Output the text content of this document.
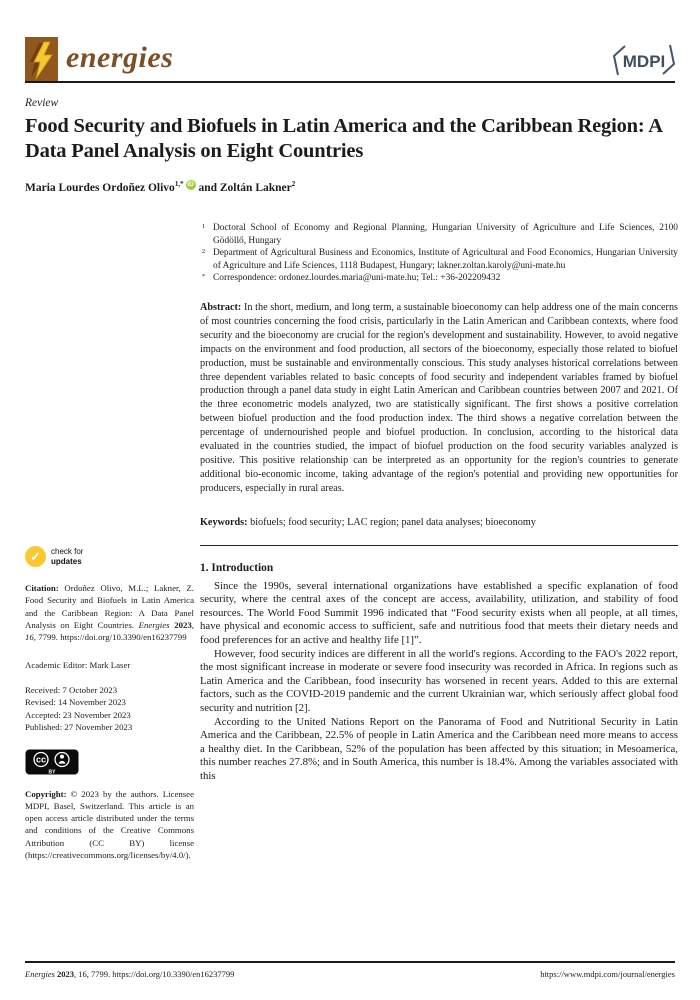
energies	MDPI
Review
Food Security and Biofuels in Latin America and the Caribbean Region: A Data Panel Analysis on Eight Countries
Maria Lourdes Ordoñez Olivo$^{1,*}$ iD and Zoltán Lakner$^2$
1 Doctoral School of Economy and Regional Planning, Hungarian University of Agriculture and Life Sciences, 2100 Gödöllő, Hungary
2 Department of Agricultural Business and Economics, Institute of Agricultural and Food Economics, Hungarian University of Agriculture and Life Sciences, 1118 Budapest, Hungary; lakner.zoltan.karoly@uni-mate.hu
* Correspondence: ordonez.lourdes.maria@uni-mate.hu; Tel.: +36-202209432
Abstract: In the short, medium, and long term, a sustainable bioeconomy can help address one of the main concerns of most countries concerning the food crisis, particularly in the Latin American and Caribbean contexts, where food security and the bioeconomy are crucial for the region's development and sustainability. However, to avoid negative impacts on the environment and food production, all sectors of the bioeconomy, especially those related to biofuel production, must be sustainable and environmentally conscious. This study analyses historical correlations between three dependent variables related to basic concepts of food security and independent variables framed by biofuel production through a panel data study in eight Latin American and Caribbean countries between 2007 and 2021. Of the three econometric models analyzed, two are statistically significant. The first shows a positive correlation between biofuel production and the food production index. The third shows a negative correlation between the percentage of undernourished people and biofuel production. In conclusion, according to the historical data evaluated in the countries studied, the impact of biofuel production on the food security variables analyzed is positive. This positive relationship can be interpreted as an opportunity for the region's countries to generate additional bio-economic income, taking advantage of the region's potential and providing new opportunities for producers, especially in rural areas.
Keywords: biofuels; food security; LAC region; panel data analyses; bioeconomy
1. Introduction

Since the 1990s, several international organizations have established a specific explanation of food security, where the central axes of the concept are access, availability, utilization, and stability of food resources. The World Food Summit 1996 indicated that “Food security exists when all people, at all times, have physical and economic access to sufficient, safe and nutritious food that meets their dietary needs and food preferences for an active and healthy life [1]”.

However, food security indices are different in all the world's regions. According to the FAO's 2022 report, the most significant increase in moderate or severe food insecurity was recorded in Africa. In regions such as Latin America and the Caribbean, food insecurity has worsened in recent years. Added to this are external factors, such as the COVID-2019 pandemic and the current Ukrainian war, which seriously affect global food security and nutrition [2].

According to the United Nations Report on the Panorama of Food and Nutritional Security in Latin America and the Caribbean, 22.5% of people in Latin America and the Caribbean need more means to access a healthy diet. In the Caribbean, 52% of the population has been affected by this situation; in Mesoamerica, this number reaches 27.8%; and in South America, this number is 18.4%. Among the variables associated with this

✓	check for
updates
Citation: Ordoñez Olivo, M.L.; Lakner, Z. Food Security and Biofuels in Latin America and the Caribbean Region: A Data Panel Analysis on Eight Countries. Energies 2023, 16, 7799. https://doi.org/10.3390/en16237799
Academic Editor: Mark Laser
Received: 7 October 2023
Revised: 14 November 2023
Accepted: 23 November 2023
Published: 27 November 2023
cc
BY
Copyright: © 2023 by the authors. Licensee MDPI, Basel, Switzerland. This article is an open access article distributed under the terms and conditions of the Creative Commons Attribution (CC BY) license (https://creativecommons.org/licenses/by/4.0/).
Energies 2023, 16, 7799. https://doi.org/10.3390/en16237799	https://www.mdpi.com/journal/energies
